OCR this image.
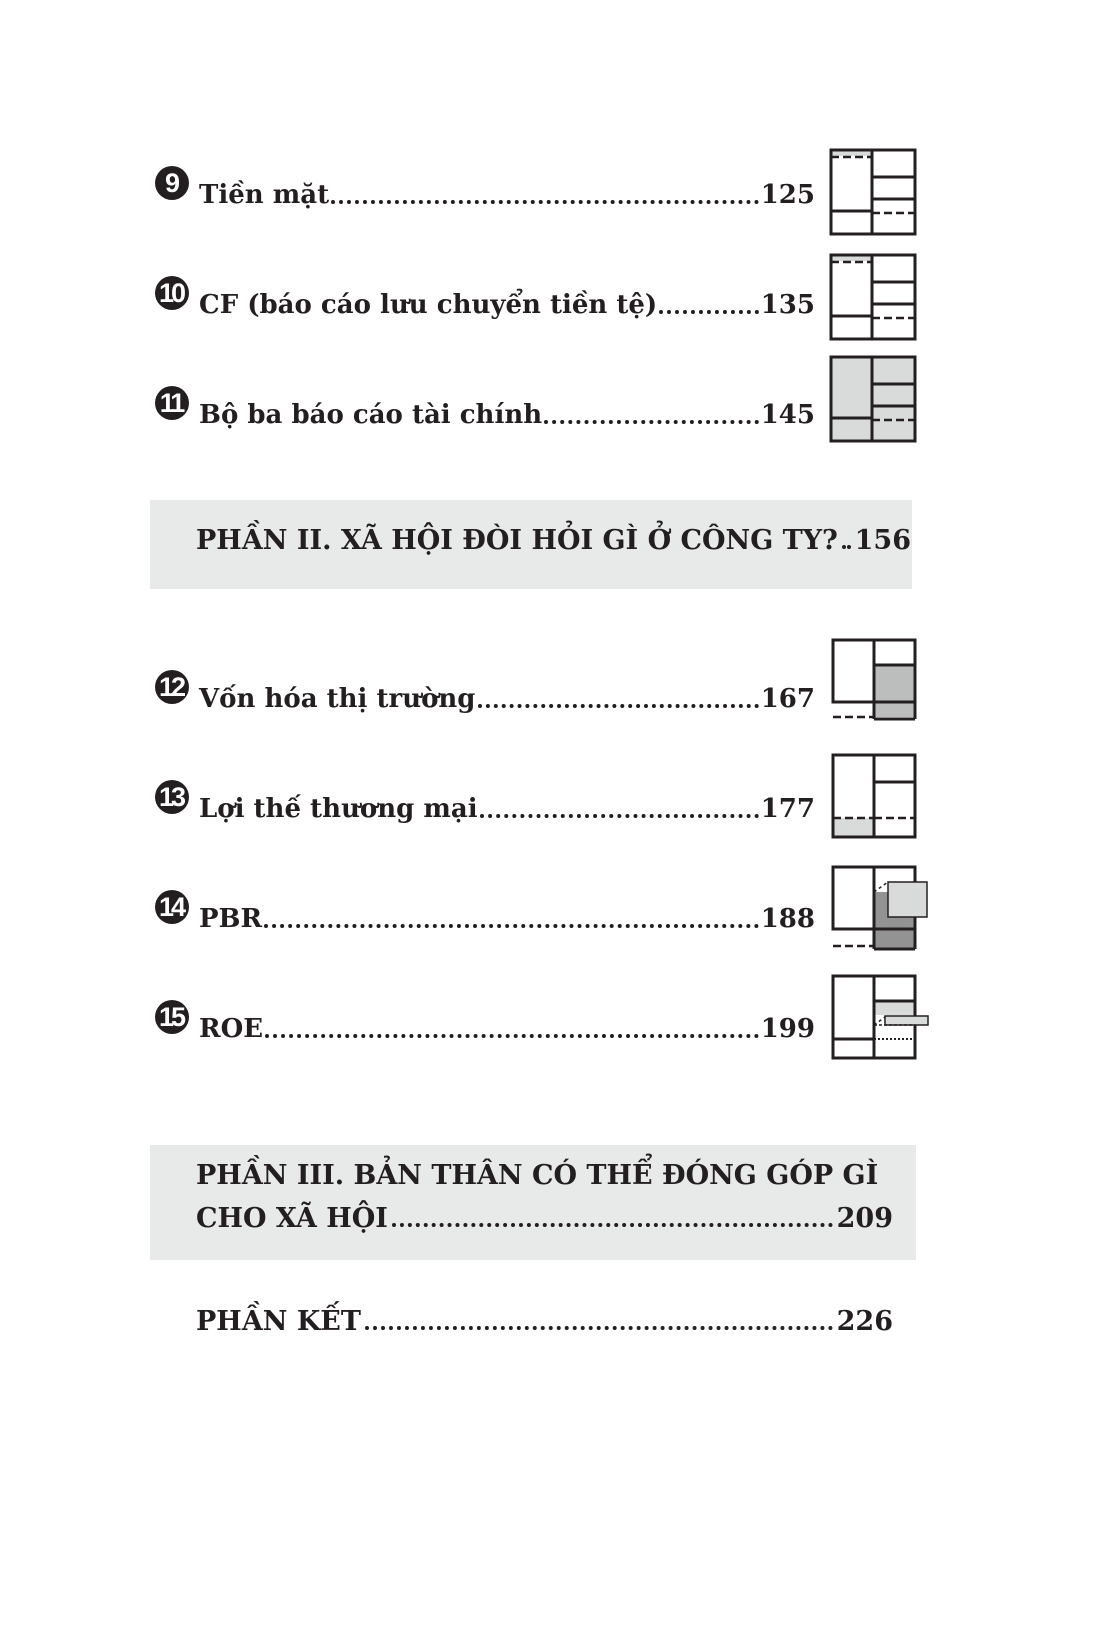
9 Tiền mặt	125
10 CF (báo cáo lưu chuyển tiền tệ)	135
11 Bộ ba báo cáo tài chính	145
PHẦN II. XÃ HỘI ĐÒI HỎI GÌ Ở CÔNG TY? 156
12 Vốn hóa thị trường	167
13 Lợi thế thương mại	177
14 PBR	188
15 ROE	199
PHẦN III. BẢN THÂN CÓ THỂ ĐÓNG GÓP GÌ
CHO XÃ HỘI	209
PHẦN KẾT	226
